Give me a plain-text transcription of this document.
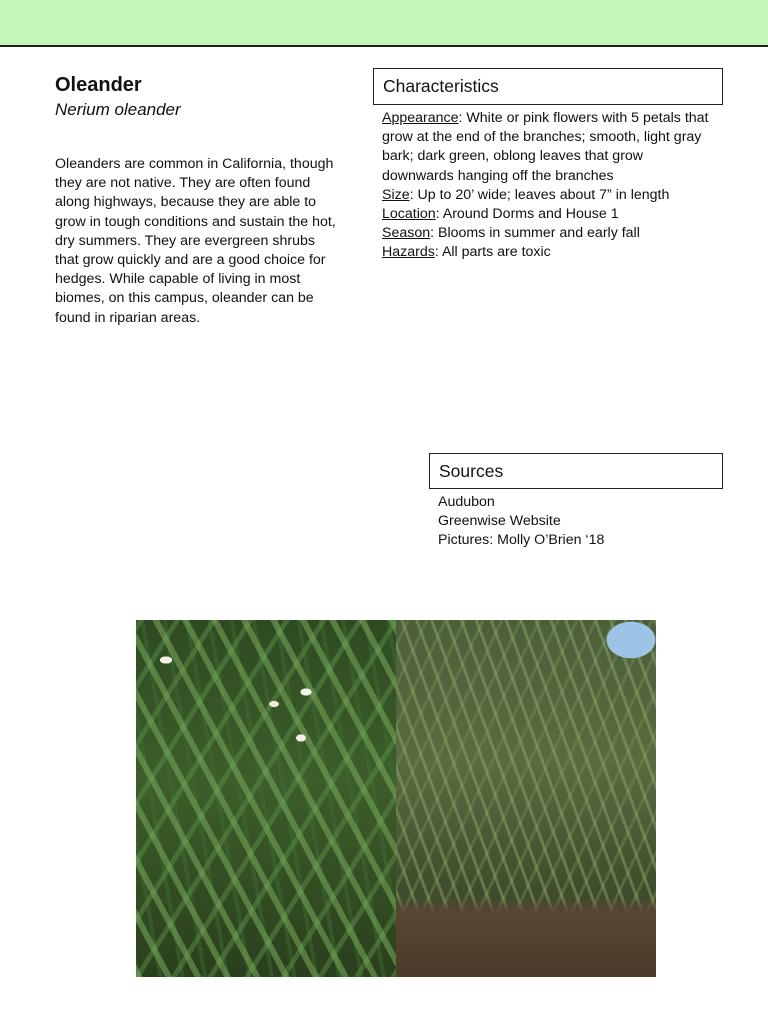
Oleander

Nerium oleander

Oleanders are common in California, though they are not native. They are often found along highways, because they are able to grow in tough conditions and sustain the hot, dry summers. They are evergreen shrubs that grow quickly and are a good choice for hedges. While capable of living in most biomes, on this campus, oleander can be found in riparian areas.

Characteristics
Appearance: White or pink flowers with 5 petals that grow at the end of the branches; smooth, light gray bark; dark green, oblong leaves that grow downwards hanging off the branches
Size: Up to 20’ wide; leaves about 7” in length
Location: Around Dorms and House 1
Season: Blooms in summer and early fall
Hazards: All parts are toxic
Sources
Audubon
Greenwise Website
Pictures: Molly O’Brien ‘18
